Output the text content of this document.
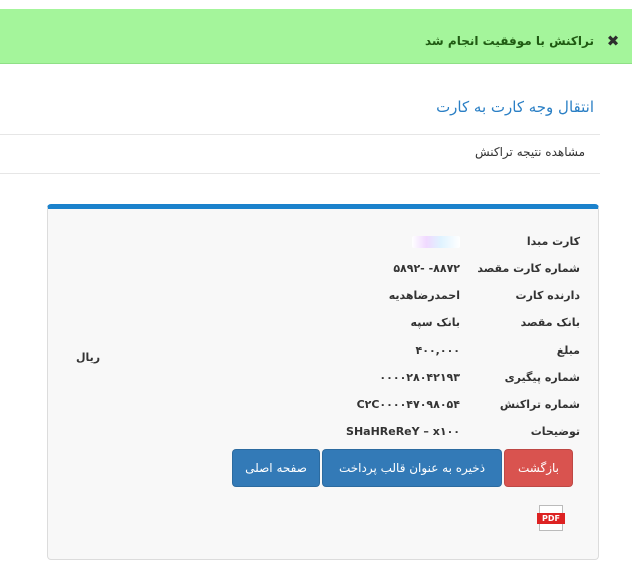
✖
تراکنش با موفقیت انجام شد
انتقال وجه کارت به کارت
مشاهده نتیجه تراکنش
کارت مبدا
شماره کارت مقصد
۵۸۹۲- -۸۸۷۲
دارنده کارت
احمدرضاهدیه
بانک مقصد
بانک سپه
مبلغ
۴۰۰,۰۰۰
شماره پیگیری
۰۰۰۰۲۸۰۴۲۱۹۳
شماره تراکنش
C۲C۰۰۰۰۴۷۰۹۸۰۵۴
توضیحات
SHaHReReY – x۱۰۰
ریال
بازگشت
ذخیره به عنوان قالب پرداخت
صفحه اصلی
PDF
